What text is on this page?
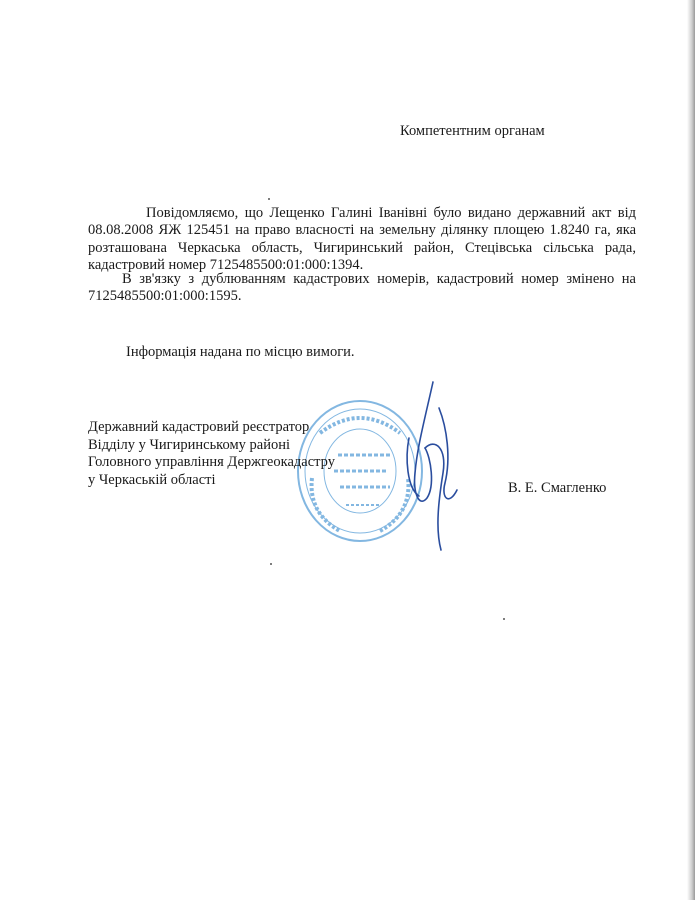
Компетентним органам
Повідомляємо, що Лещенко Галині Іванівні було видано державний акт від 08.08.2008 ЯЖ 125451 на право власності на земельну ділянку площею 1.8240 га, яка розташована Черкаська область, Чигиринський район, Стецівська сільська рада, кадастровий номер 7125485500:01:000:1394.
В зв'язку з дублюванням кадастрових номерів, кадастровий номер змінено на 7125485500:01:000:1595.
Інформація надана по місцю вимоги.
Державний кадастровий реєстратор
Відділу у Чигиринському районі
Головного управління Держгеокадастру
у Черкаській області
В. Е. Смагленко
